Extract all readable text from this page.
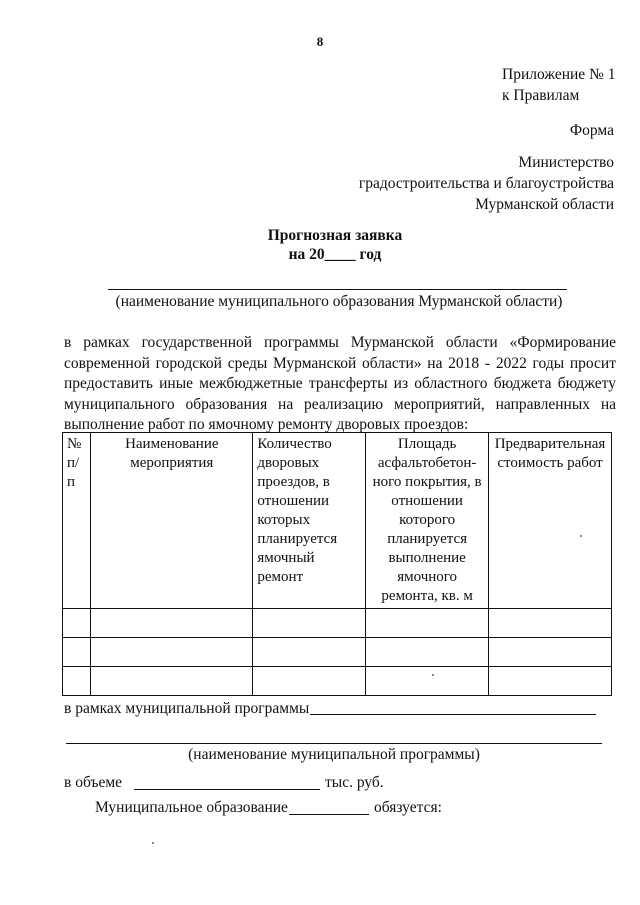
8
Приложение № 1
к Правилам
Форма
Министерство
градостроительства и благоустройства
Мурманской области
Прогнозная заявка
на 20____ год
(наименование муниципального образования Мурманской области)

в рамках государственной программы Мурманской области «Формирование современной городской среды Мурманской области» на 2018 - 2022 годы просит предоставить иные межбюджетные трансферты из областного бюджета бюджету муниципального образования на реализацию мероприятий, направленных на выполнение работ по ямочному ремонту дворовых проездов:

№ п/п	Наименование мероприятия	Количество дворовых проездов, в отношении которых планируется ямочный ремонт	Площадь асфальтобетон-ного покрытия, в отношении которого планируется выполнение ямочного ремонта, кв. м	Предварительная стоимость работ

в рамках муниципальной программы
(наименование муниципальной программы)
в объеме	тыс. руб.
Муниципальное образование	обязуется:
